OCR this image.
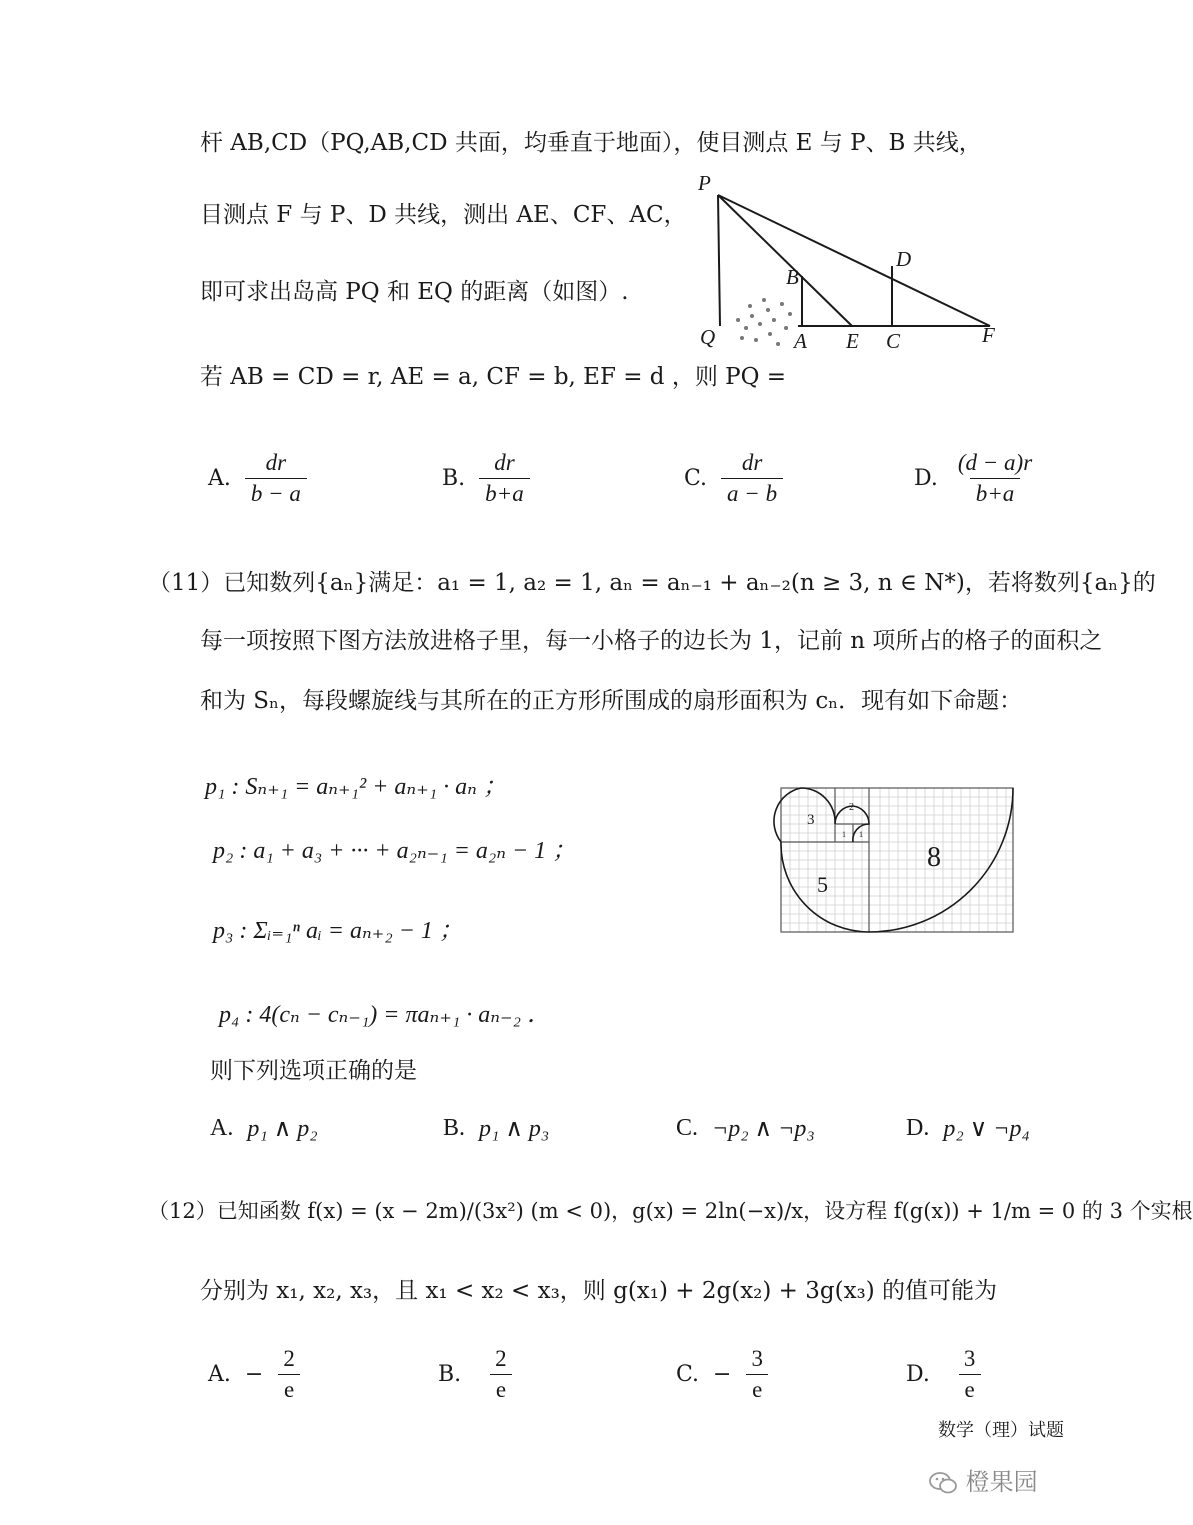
杆 AB,CD（PQ,AB,CD 共面，均垂直于地面），使目测点 E 与 P、B 共线，
目测点 F 与 P、D 共线，测出 AE、CF、AC，
即可求出岛高 PQ 和 EQ 的距离（如图）.
若 AB = CD = r, AE = a, CF = b, EF = d ，则 PQ =
P
Q	A
B
C
D
E	F
A. $\frac{dr}{b - a}$	B. $\frac{dr}{b+a}$	C. $\frac{dr}{a - b}$	D. $\frac{(d - a)r}{b+a}$
（11）已知数列{aₙ}满足：a₁ = 1, a₂ = 1, aₙ = aₙ₋₁ + aₙ₋₂(n ≥ 3, n ∈ N*)，若将数列{aₙ}的
每一项按照下图方法放进格子里，每一小格子的边长为 1，记前 n 项所占的格子的面积之
和为 Sₙ，每段螺旋线与其所在的正方形所围成的扇形面积为 cₙ．现有如下命题：
p₁ : Sₙ₊₁ = aₙ₊₁² + aₙ₊₁ · aₙ ；
p₂ : a₁ + a₃ + ··· + a₂ₙ₋₁ = a₂ₙ − 1 ；
p₃ : Σᵢ₌₁ⁿ aᵢ = aₙ₊₂ − 1 ；
p₄ : 4(cₙ − cₙ₋₁) = πaₙ₊₁ · aₙ₋₂ ．
则下列选项正确的是
3
2
1 1
5
8
A. p₁ ∧ p₂	B. p₁ ∧ p₃	C. ¬p₂ ∧ ¬p₃	D. p₂ ∨ ¬p₄
（12）已知函数 f(x) = (x − 2m)/(3x²) (m < 0)，g(x) = 2ln(−x)/x，设方程 f(g(x)) + 1/m = 0 的 3 个实根
分别为 x₁, x₂, x₃，且 x₁ < x₂ < x₃，则 g(x₁) + 2g(x₂) + 3g(x₃) 的值可能为
A. − $\frac{2}{e}$	B. $\frac{2}{e}$	C. − $\frac{3}{e}$	D. $\frac{3}{e}$
数学（理）试题
橙果园
